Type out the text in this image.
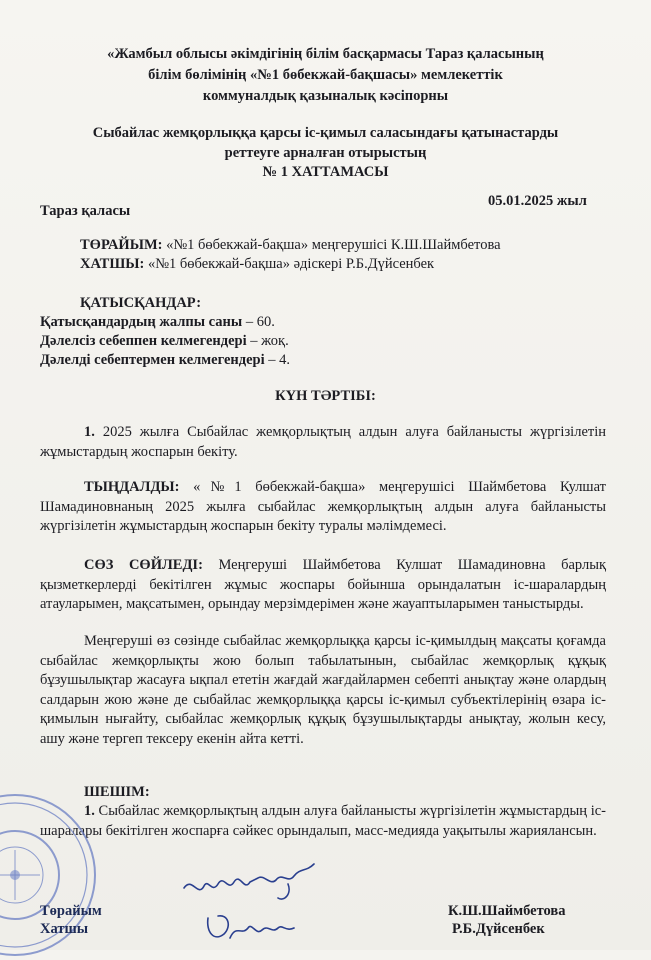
«Жамбыл облысы әкімдігінің білім басқармасы Тараз қаласының
білім бөлімінің «№1 бөбекжай-бақшасы» мемлекеттік
коммуналдық қазыналық кәсіпорны
Сыбайлас жемқорлыққа қарсы іс-қимыл саласындағы қатынастарды
реттеуге арналған отырыстың
№ 1 ХАТТАМАСЫ
Тараз қаласы
05.01.2025 жыл
ТӨРАЙЫМ: «№1 бөбекжай-бақша» меңгерушісі К.Ш.Шаймбетова
ХАТШЫ: «№1 бөбекжай-бақша» әдіскері Р.Б.Дүйсенбек
ҚАТЫСҚАНДАР:
Қатысқандардың жалпы саны – 60.
Дәлелсіз себеппен келмегендері – жоқ.
Дәлелді себептермен келмегендері – 4.
КҮН ТӘРТІБІ:
1. 2025 жылға Сыбайлас жемқорлықтың алдын алуға байланысты жүргізілетін жұмыстардың жоспарын бекіту.
ТЫҢДАЛДЫ: «№1 бөбекжай-бақша» меңгерушісі Шаймбетова Кулшат Шамадиновнаның 2025 жылға сыбайлас жемқорлықтың алдын алуға байланысты жүргізілетін жұмыстардың жоспарын бекіту туралы мәлімдемесі.
СӨЗ СӨЙЛЕДІ: Меңгеруші Шаймбетова Кулшат Шамадиновна барлық қызметкерлерді бекітілген жұмыс жоспары бойынша орындалатын іс-шаралардың атауларымен, мақсатымен, орындау мерзімдерімен және жауаптыларымен таныстырды.
Меңгеруші өз сөзінде сыбайлас жемқорлыққа қарсы іс-қимылдың мақсаты қоғамда сыбайлас жемқорлықты жою болып табылатынын, сыбайлас жемқорлық құқық бұзушылықтар жасауға ықпал ететін жағдай жағдайлармен себепті анықтау және олардың салдарын жою және де сыбайлас жемқорлыққа қарсы іс-қимыл субъектілерінің өзара іс-қимылын нығайту, сыбайлас жемқорлық құқық бұзушылықтарды анықтау, жолын кесу, ашу және тергеп тексеру екенін айта кетті.
ШЕШІМ:
1. Сыбайлас жемқорлықтың алдын алуға байланысты жүргізілетін жұмыстардың іс-шаралары бекітілген жоспарға сәйкес орындалып, масс-медияда уақытылы жариялансын.
Төрайым
Хатшы
К.Ш.Шаймбетова
Р.Б.Дүйсенбек
